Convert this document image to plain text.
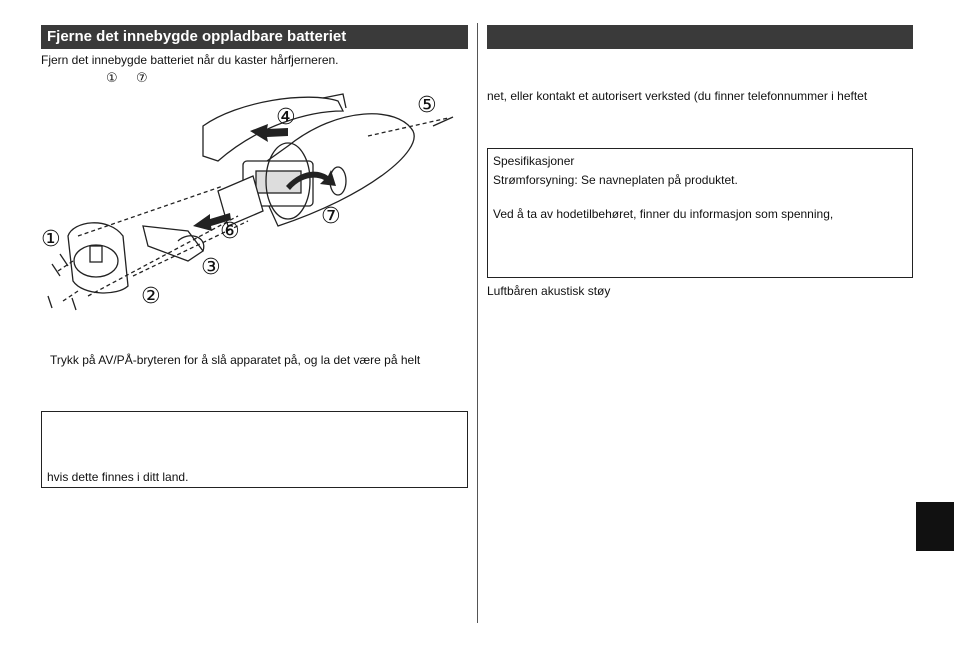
Fjerne det innebygde oppladbare batteriet
Fjern det innebygde batteriet når du kaster hårfjerneren.
① ⑦
①
②
③
④	⑤
⑥
⑦
Trykk på AV/PÅ-bryteren for å slå apparatet på, og la det være på helt
hvis dette finnes i ditt land.
net, eller kontakt et autorisert verksted (du finner telefonnummer i heftet
Spesifikasjoner
Strømforsyning: Se navneplaten på produktet.
Ved å ta av hodetilbehøret, finner du informasjon som spenning,
Luftbåren akustisk støy
